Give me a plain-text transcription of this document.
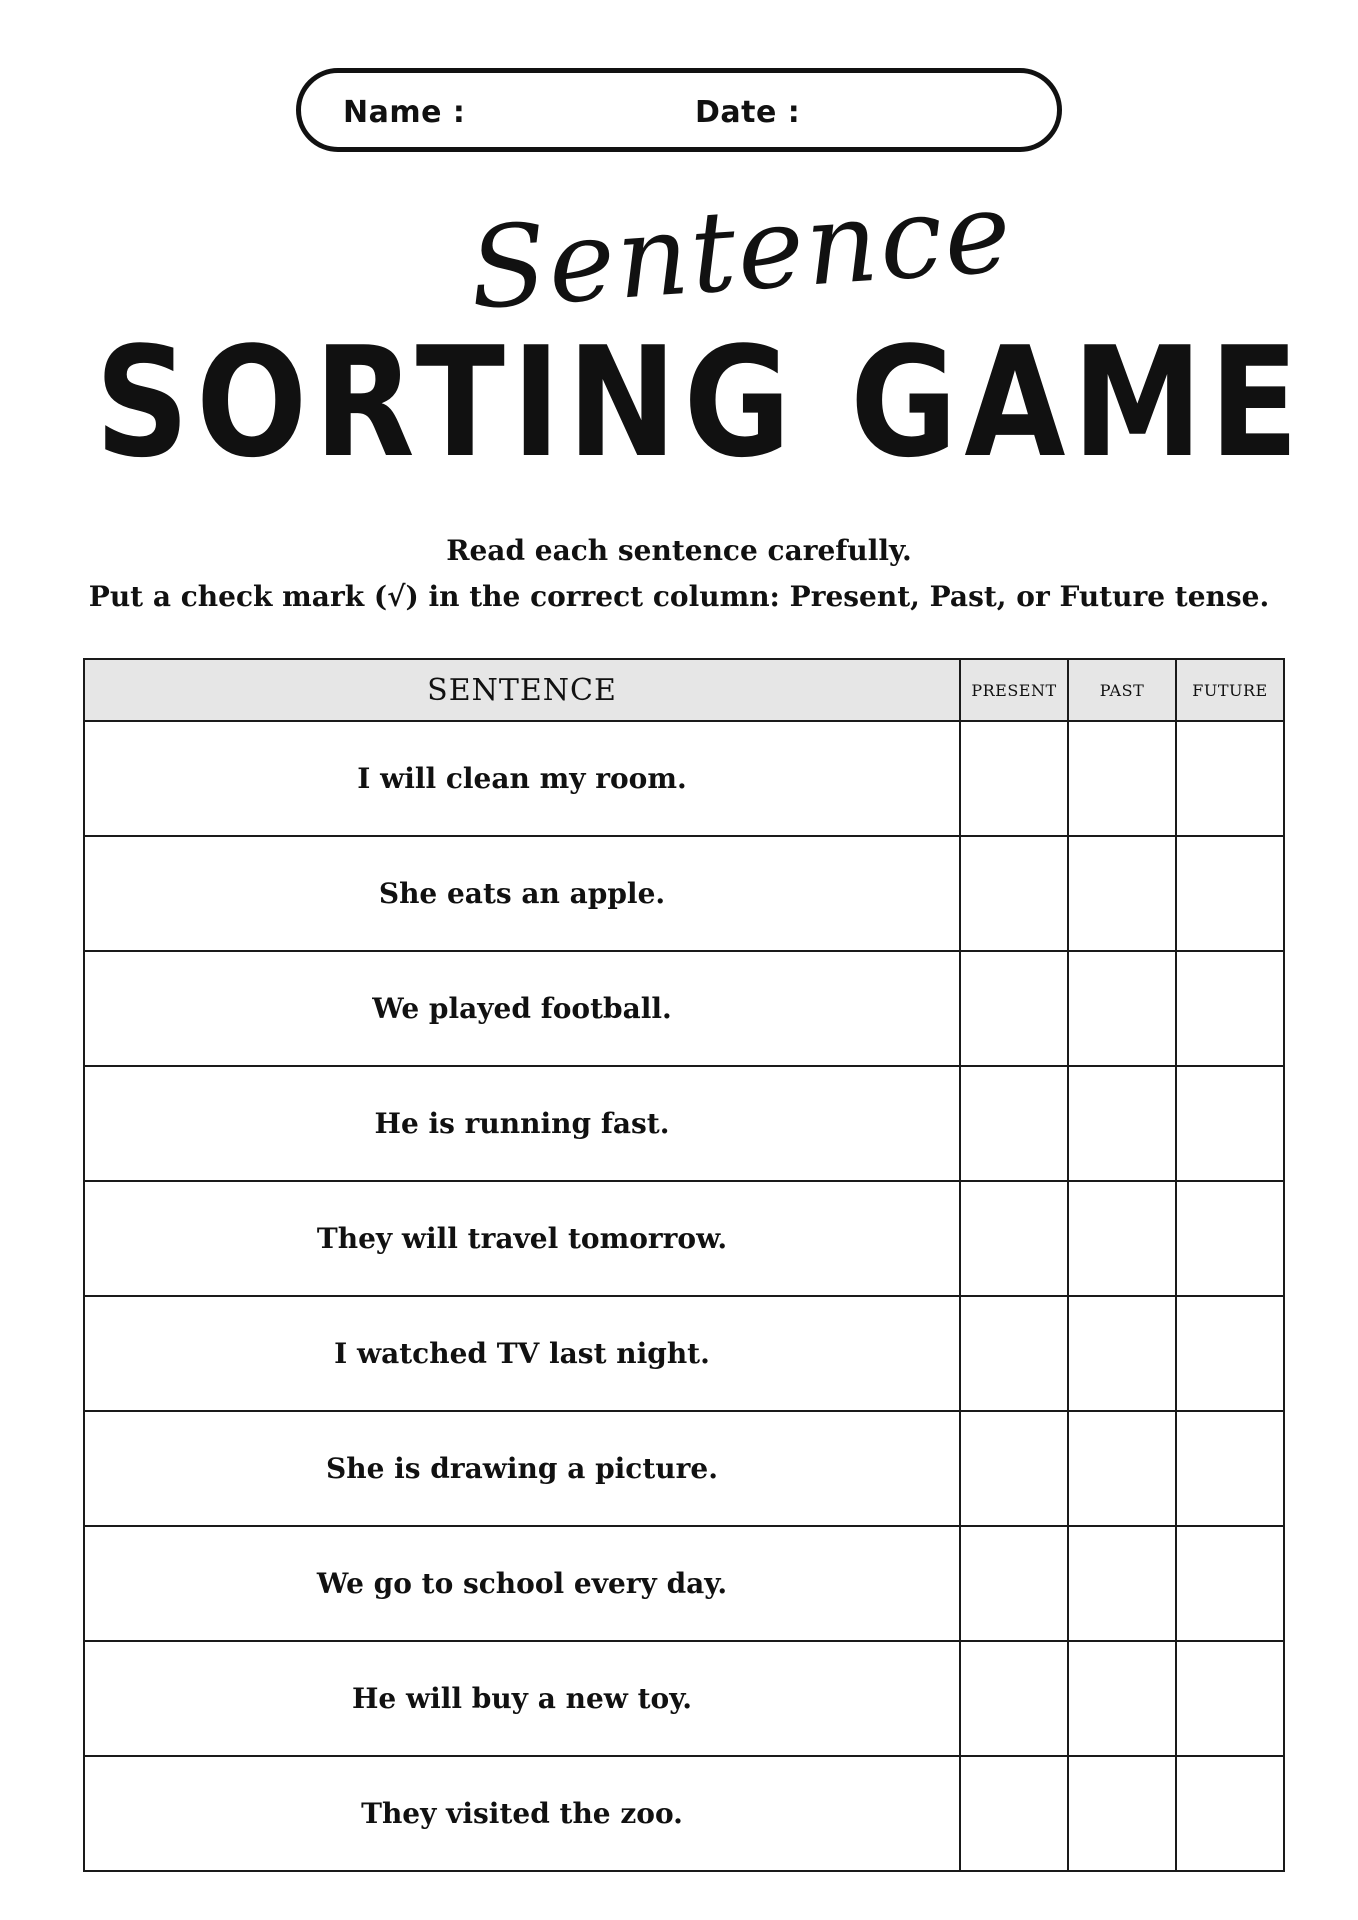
Name :	Date :
Sentence
SORTING GAME
Read each sentence carefully.
Put a check mark (√) in the correct column: Present, Past, or Future tense.
SENTENCE	PRESENT	PAST	FUTURE
I will clean my room.			
She eats an apple.			
We played football.			
He is running fast.			
They will travel tomorrow.			
I watched TV last night.			
She is drawing a picture.			
We go to school every day.			
He will buy a new toy.			
They visited the zoo.			
